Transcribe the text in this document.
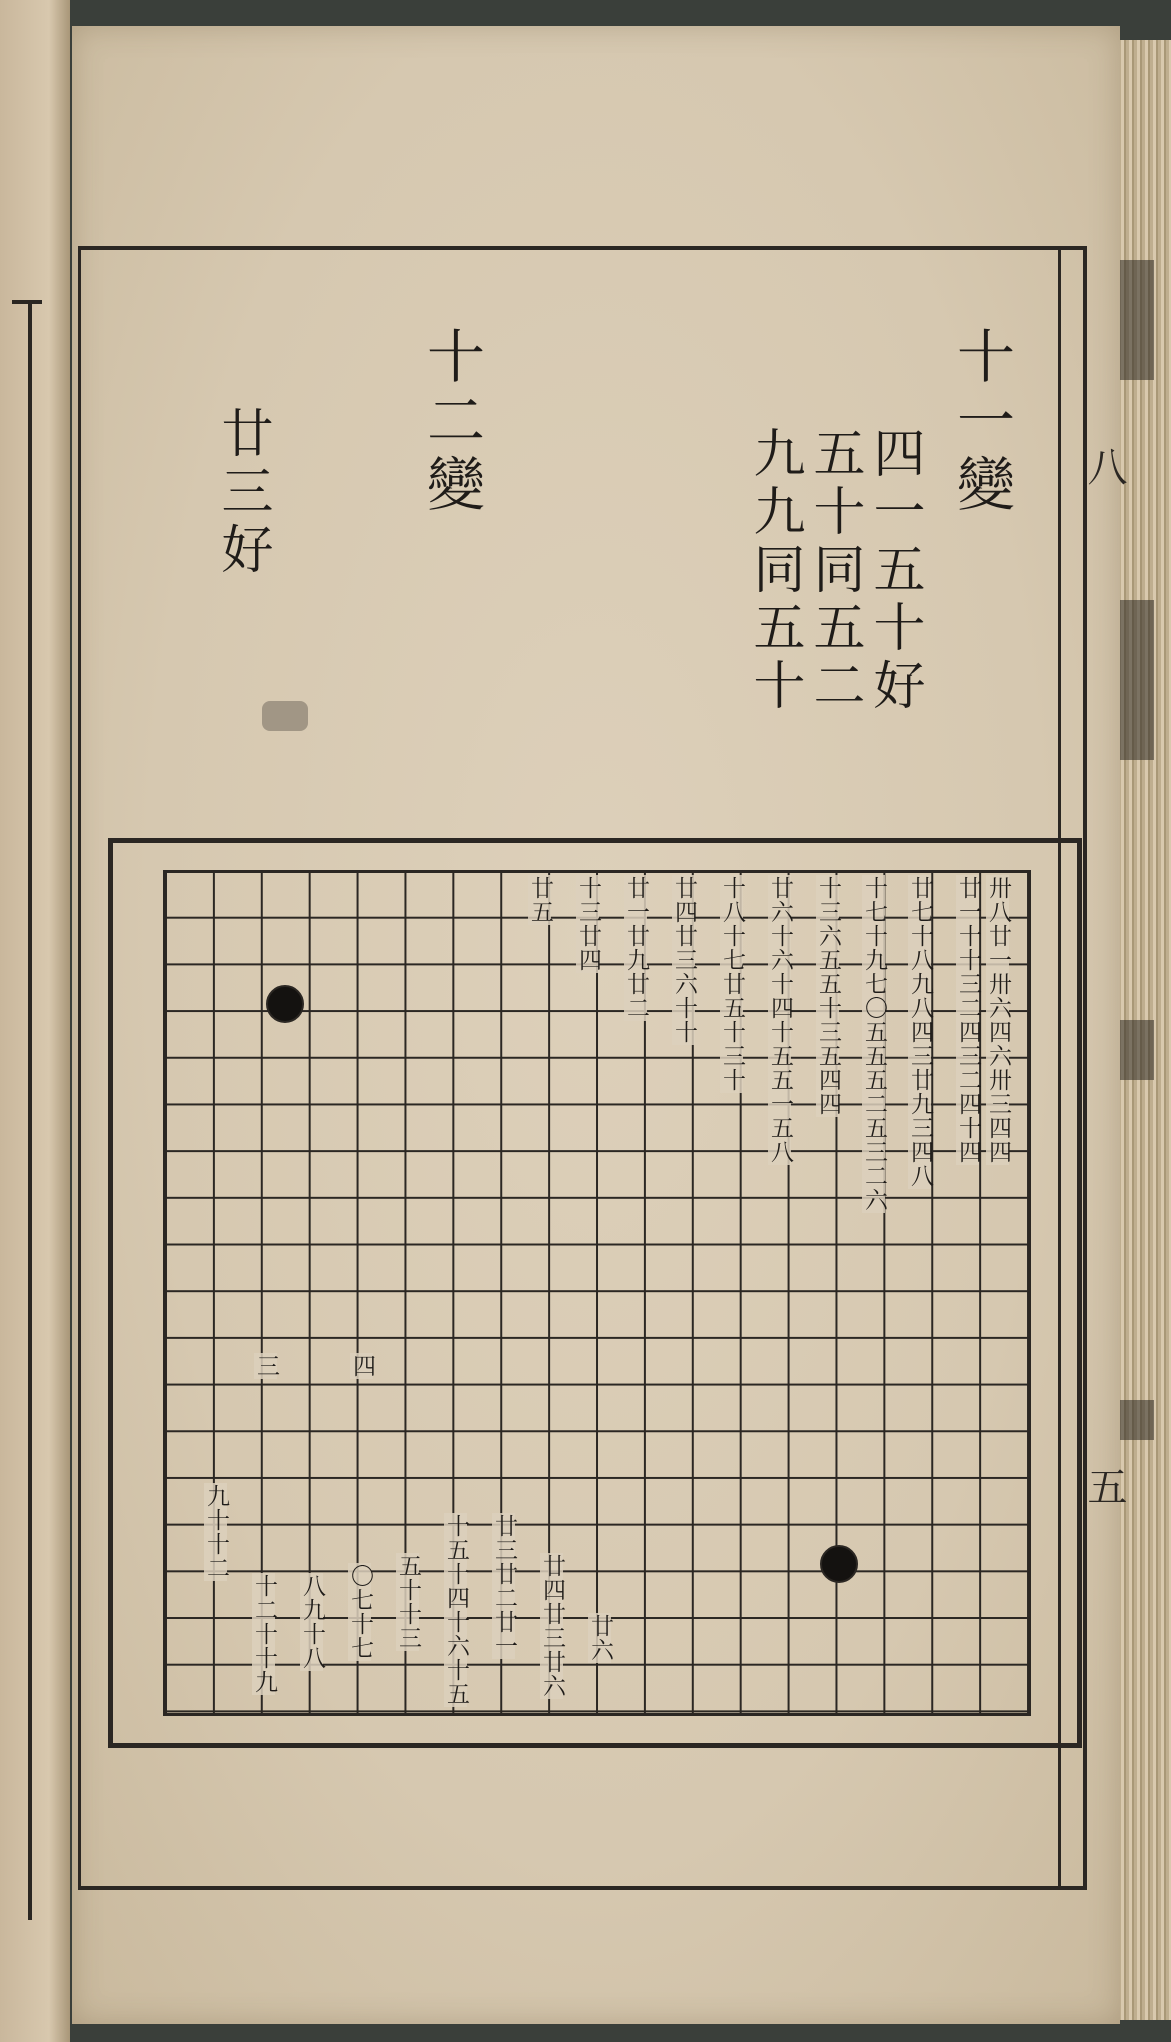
八
五
十一變
四一五十好
五十同五二
九九同五十
十二變
廿三好
卅八廿一卅六四六卅三四四
廿一十十三二四三二四十四
廿七十八九八四三廿九三四八
十七十九七〇五五五二五三二六
十三六五五十三五四四
廿六十六十四十五五一五八
十八十七廿五十三十
廿四廿三六十十
廿一廿九廿二
十三廿四
廿五
三	四
廿六
廿四廿三廿六
廿三廿二廿一
十五十四十六十五
五十十三
〇七十七
八九十八
十二十十九
九十十二
